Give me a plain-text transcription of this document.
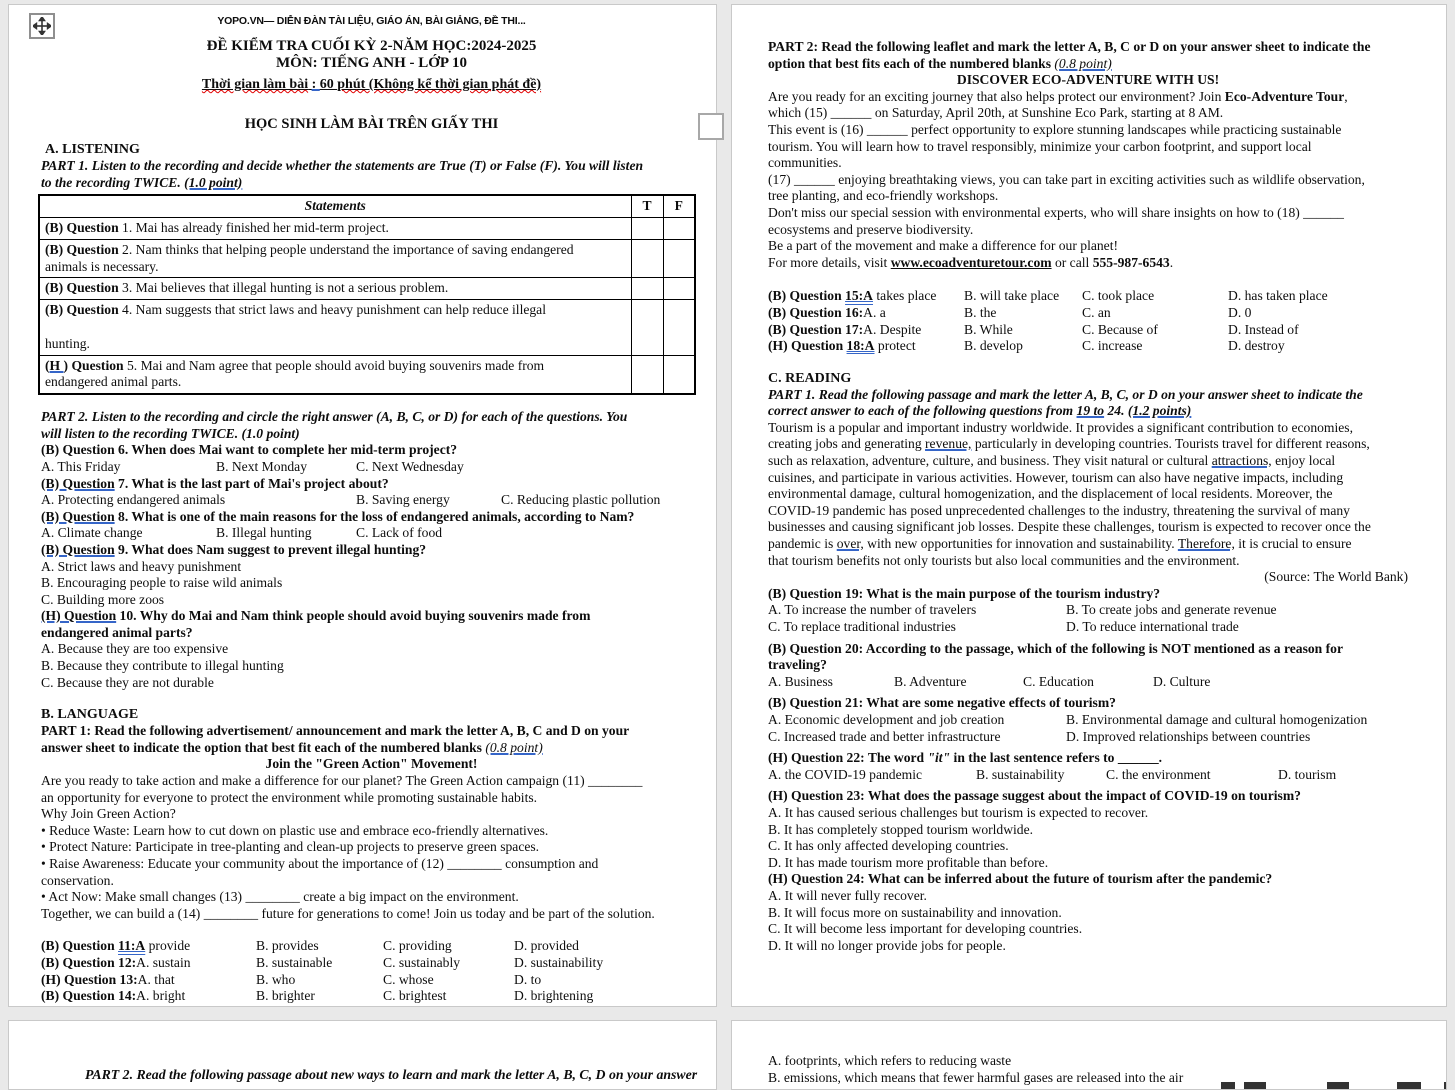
YOPO.VN— DIỄN ĐÀN TÀI LIỆU, GIÁO ÁN, BÀI GIẢNG, ĐỀ THI...
ĐỀ KIỂM TRA CUỐI KỲ 2-NĂM HỌC:2024-2025
MÔN: TIẾNG ANH - LỚP 10
Thời gian làm bài : 60 phút (Không kể thời gian phát đề)
HỌC SINH LÀM BÀI TRÊN GIẤY THI
A. LISTENING
PART 1. Listen to the recording and decide whether the statements are True (T) or False (F). You will listen
to the recording TWICE. (1.0 point)
Statements	T	F
(B) Question 1. Mai has already finished her mid-term project.		
(B) Question 2. Nam thinks that helping people understand the importance of saving endangered
animals is necessary.		
(B) Question 3. Mai believes that illegal hunting is not a serious problem.		
(B) Question 4. Nam suggests that strict laws and heavy punishment can help reduce illegal

hunting.		
(H ) Question 5. Mai and Nam agree that people should avoid buying souvenirs made from
endangered animal parts.		
PART 2. Listen to the recording and circle the right answer (A, B, C, or D) for each of the questions. You
will listen to the recording TWICE. (1.0 point)
(B) Question 6. When does Mai want to complete her mid-term project?
A. This Friday	B. Next Monday	C. Next Wednesday
(B) Question 7. What is the last part of Mai's project about?
A. Protecting endangered animals	B. Saving energy	C. Reducing plastic pollution
(B) Question 8. What is one of the main reasons for the loss of endangered animals, according to Nam?
A. Climate change	B. Illegal hunting	C. Lack of food
(B) Question 9. What does Nam suggest to prevent illegal hunting?
A. Strict laws and heavy punishment
B. Encouraging people to raise wild animals
C. Building more zoos
(H) Question 10. Why do Mai and Nam think people should avoid buying souvenirs made from
endangered animal parts?
A. Because they are too expensive
B. Because they contribute to illegal hunting
C. Because they are not durable
B. LANGUAGE
PART 1: Read the following advertisement/ announcement and mark the letter A, B, C and D on your
answer sheet to indicate the option that best fit each of the numbered blanks (0.8 point)
Join the "Green Action" Movement!
Are you ready to take action and make a difference for our planet? The Green Action campaign (11) ________
an opportunity for everyone to protect the environment while promoting sustainable habits.
Why Join Green Action?
• Reduce Waste: Learn how to cut down on plastic use and embrace eco-friendly alternatives.
• Protect Nature: Participate in tree-planting and clean-up projects to preserve green spaces.
• Raise Awareness: Educate your community about the importance of (12) ________ consumption and
conservation.
• Act Now: Make small changes (13) ________ create a big impact on the environment.
Together, we can build a (14) ________ future for generations to come! Join us today and be part of the solution.
(B) Question 11:A provide	B. provides	C. providing	D. provided
(B) Question 12:A. sustain	B. sustainable	C. sustainably	D. sustainability
(H) Question 13:A. that	B. who	C. whose	D. to
(B) Question 14:A. bright	B. brighter	C. brightest	D. brightening
PART 2: Read the following leaflet and mark the letter A, B, C or D on your answer sheet to indicate the
option that best fits each of the numbered blanks (0.8 point)
DISCOVER ECO-ADVENTURE WITH US!
Are you ready for an exciting journey that also helps protect our environment? Join Eco-Adventure Tour,
which (15) ______ on Saturday, April 20th, at Sunshine Eco Park, starting at 8 AM.
This event is (16) ______ perfect opportunity to explore stunning landscapes while practicing sustainable
tourism. You will learn how to travel responsibly, minimize your carbon footprint, and support local
communities.
(17) ______ enjoying breathtaking views, you can take part in exciting activities such as wildlife observation,
tree planting, and eco-friendly workshops.
Don't miss our special session with environmental experts, who will share insights on how to (18) ______
ecosystems and preserve biodiversity.
Be a part of the movement and make a difference for our planet!
For more details, visit www.ecoadventuretour.com or call 555-987-6543.
(B) Question 15:A takes place	B. will take place	C. took place	D. has taken place
(B) Question 16:A. a	B. the	C. an	D. 0
(B) Question 17:A. Despite	B. While	C. Because of	D. Instead of
(H) Question 18:A protect	B. develop	C. increase	D. destroy
C. READING
PART 1. Read the following passage and mark the letter A, B, C, or D on your answer sheet to indicate the
correct answer to each of the following questions from 19 to 24. (1.2 points)
Tourism is a popular and important industry worldwide. It provides a significant contribution to economies,
creating jobs and generating revenue, particularly in developing countries. Tourists travel for different reasons,
such as relaxation, adventure, culture, and business. They visit natural or cultural attractions, enjoy local
cuisines, and participate in various activities. However, tourism can also have negative impacts, including
environmental damage, cultural homogenization, and the displacement of local residents. Moreover, the
COVID-19 pandemic has posed unprecedented challenges to the industry, threatening the survival of many
businesses and causing significant job losses. Despite these challenges, tourism is expected to recover once the
pandemic is over, with new opportunities for innovation and sustainability. Therefore, it is crucial to ensure
that tourism benefits not only tourists but also local communities and the environment.
(Source: The World Bank)
(B) Question 19: What is the main purpose of the tourism industry?
A. To increase the number of travelers	B. To create jobs and generate revenue
C. To replace traditional industries	D. To reduce international trade
(B) Question 20: According to the passage, which of the following is NOT mentioned as a reason for
traveling?
A. Business	B. Adventure	C. Education	D. Culture
(B) Question 21: What are some negative effects of tourism?
A. Economic development and job creation	B. Environmental damage and cultural homogenization
C. Increased trade and better infrastructure	D. Improved relationships between countries
(H) Question 22: The word "it" in the last sentence refers to ______.
A. the COVID-19 pandemic	B. sustainability	C. the environment	D. tourism
(H) Question 23: What does the passage suggest about the impact of COVID-19 on tourism?
A. It has caused serious challenges but tourism is expected to recover.
B. It has completely stopped tourism worldwide.
C. It has only affected developing countries.
D. It has made tourism more profitable than before.
(H) Question 24: What can be inferred about the future of tourism after the pandemic?
A. It will never fully recover.
B. It will focus more on sustainability and innovation.
C. It will become less important for developing countries.
D. It will no longer provide jobs for people.
PART 2. Read the following passage about new ways to learn and mark the letter A, B, C, D on your answer
A. footprints, which refers to reducing waste
B. emissions, which means that fewer harmful gases are released into the air
